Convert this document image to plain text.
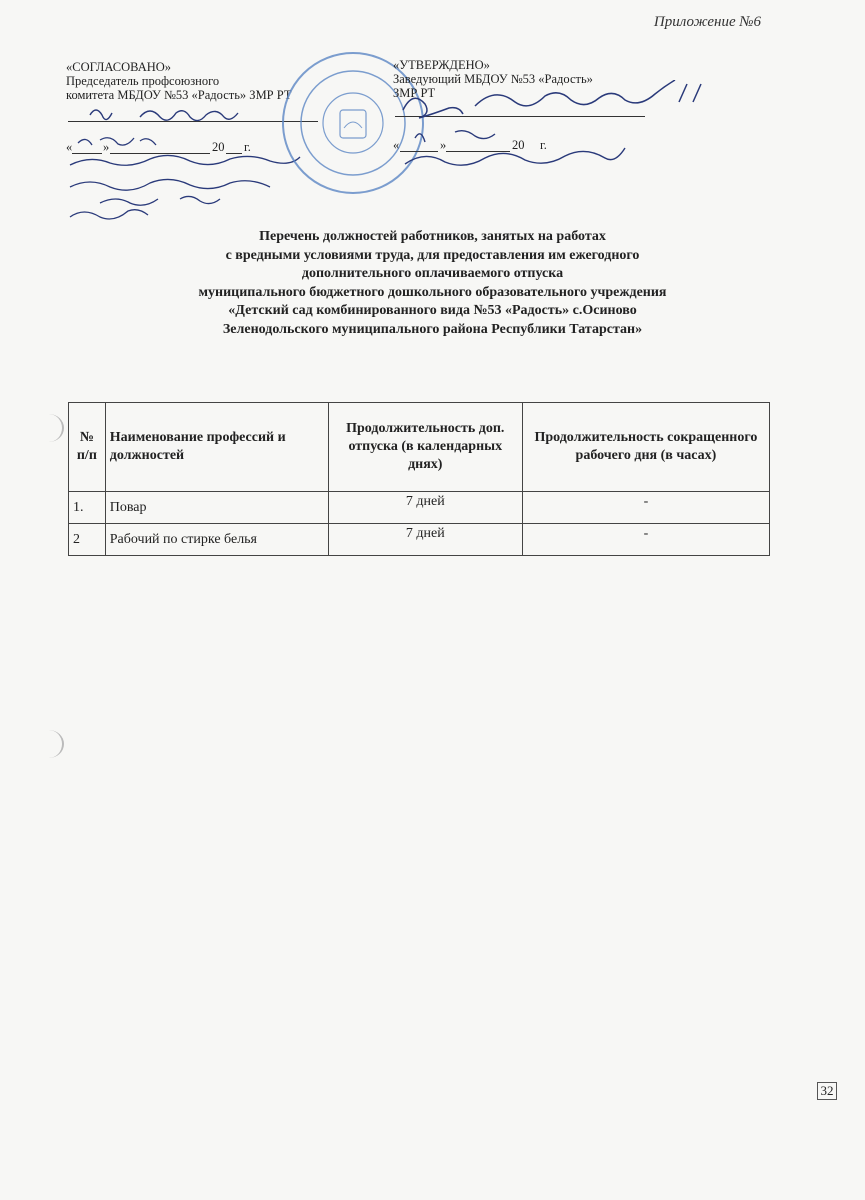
Приложение №6
«СОГЛАСОВАНО»
Председатель профсоюзного
комитета МБДОУ №53 «Радость» ЗМР РТ
« »	20 г.
«УТВЕРЖДЕНО»
Заведующий МБДОУ №53 «Радость»
ЗМР РТ
«	»	20 г.
Перечень должностей работников, занятых на работах
с вредными условиями труда, для предоставления им ежегодного
дополнительного оплачиваемого отпуска
муниципального бюджетного дошкольного образовательного учреждения
«Детский сад комбинированного вида №53 «Радость» с.Осиново
Зеленодольского муниципального района Республики Татарстан»
№ п/п	Наименование профессий и должностей	Продолжительность доп. отпуска (в календарных днях)	Продолжительность сокращенного рабочего дня (в часах)
1.	Повар	7 дней	-
2	Рабочий по стирке белья	7 дней	-
32
